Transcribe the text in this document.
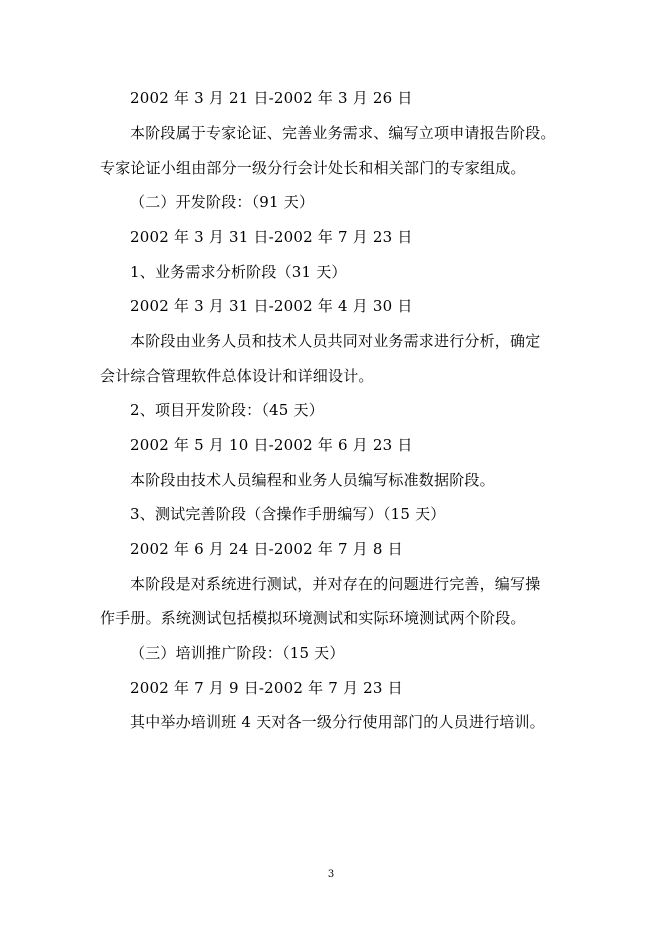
2002 年 3 月 21 日-2002 年 3 月 26 日
本阶段属于专家论证、完善业务需求、编写立项申请报告阶段。
专家论证小组由部分一级分行会计处长和相关部门的专家组成。
（二）开发阶段：（91 天）
2002 年 3 月 31 日-2002 年 7 月 23 日
1、业务需求分析阶段（31 天）
2002 年 3 月 31 日-2002 年 4 月 30 日
本阶段由业务人员和技术人员共同对业务需求进行分析，确定
会计综合管理软件总体设计和详细设计。
2、项目开发阶段：（45 天）
2002 年 5 月 10 日-2002 年 6 月 23 日
本阶段由技术人员编程和业务人员编写标准数据阶段。
3、测试完善阶段（含操作手册编写）（15 天）
2002 年 6 月 24 日-2002 年 7 月 8 日
本阶段是对系统进行测试，并对存在的问题进行完善，编写操
作手册。系统测试包括模拟环境测试和实际环境测试两个阶段。
（三）培训推广阶段：（15 天）
2002 年 7 月 9 日-2002 年 7 月 23 日
其中举办培训班 4 天对各一级分行使用部门的人员进行培训。
3
